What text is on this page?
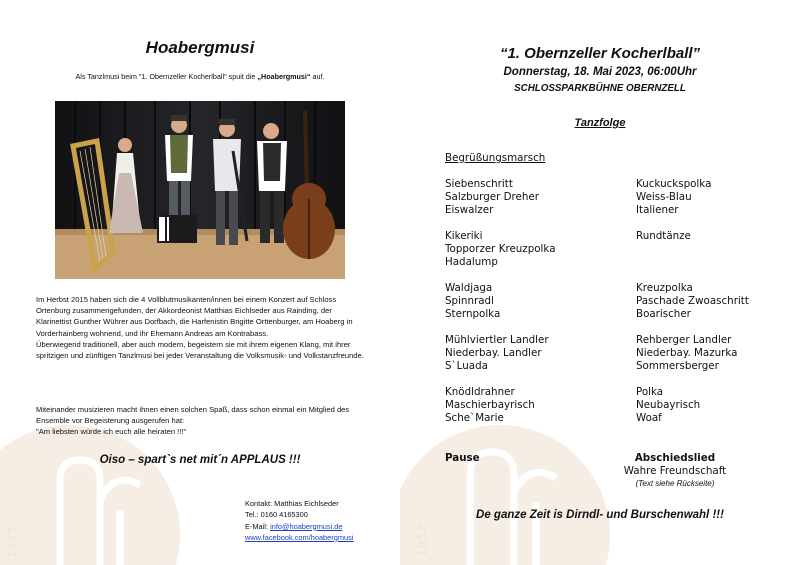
1957
Hoabergmusi
Als Tanzlmusi beim "1. Obernzeller Kocherlball" spuit die „Hoabergmusi“ auf.
Im Herbst 2015 haben sich die 4 Vollblutmusikanten/innen bei einem Konzert auf Schloss Ortenburg zusammengefunden, der Akkordeonist Matthias Eichlseder aus Rainding, der Klarinettist Gunther Wührer aus Dorfbach, die Harfenistin Brigitte Orttenburger, am Hoaberg in Vorderhainberg wohnend, und ihr Ehemann Andreas am Kontrabass.
Überwiegend traditionell, aber auch modern, begeistern sie mit ihrem eigenen Klang, mit ihrer spritzigen und zünftigen Tanzlmusi bei jeder Veranstaltung die Volksmusik- und Volkstanzfreunde.
Miteinander musizieren macht ihnen einen solchen Spaß, dass schon einmal ein Mitglied des Ensemble vor Begeisterung ausgerufen hat:
"Am liebsten würde ich euch alle heiraten !!!"
Oiso – spart`s net mit´n APPLAUS !!!
Kontakt: Matthias Eichlseder
Tel.: 0160 4165300
E-Mail: info@hoabergmusi.de
www.facebook.com/hoabergmusi	1957
“1. Obernzeller Kocherlball”
Donnerstag, 18. Mai 2023, 06:00Uhr
SCHLOSSPARKBÜHNE OBERNZELL
Tanzfolge
Begrüßungsmarsch
Siebenschritt
Salzburger Dreher
Eiswalzer
Kikeriki
Topporzer Kreuzpolka
Hadalump
Waldjaga
Spinnradl
Sternpolka
Mühlviertler Landler
Niederbay. Landler
S`Luada
Knödldrahner
Maschierbayrisch
Sche`Marie
Kuckuckspolka
Weiss-Blau
Italiener
Rundtänze
Kreuzpolka
Paschade Zwoaschritt
Boarischer
Rehberger Landler
Niederbay. Mazurka
Sommersberger
Polka
Neubayrisch
Woaf
Pause	Abschiedslied
Wahre Freundschaft
(Text siehe Rückseite)
De ganze Zeit is Dirndl- und Burschenwahl !!!
